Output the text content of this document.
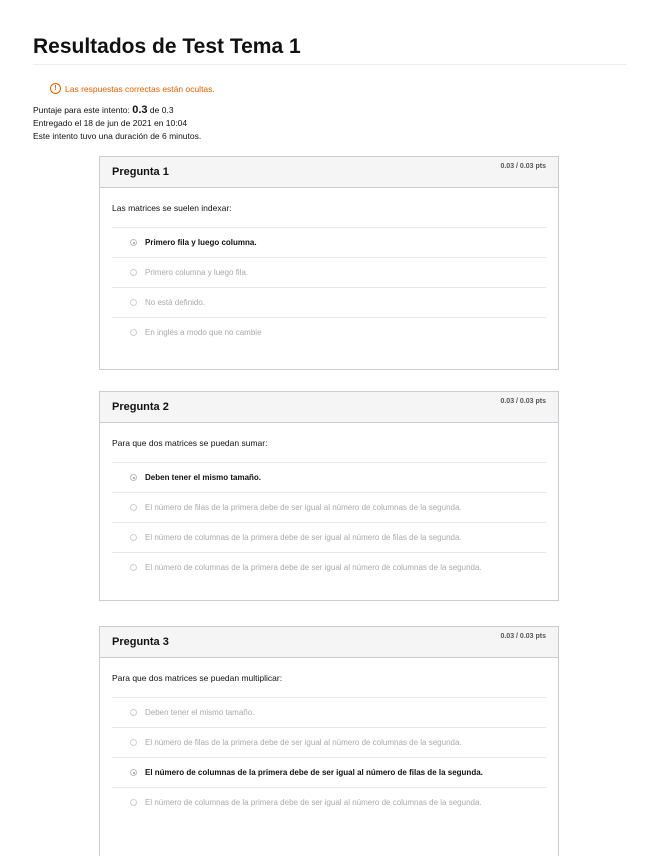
Resultados de Test Tema 1
! Las respuestas correctas están ocultas.
Puntaje para este intento: 0.3 de 0.3
Entregado el 18 de jun de 2021 en 10:04
Este intento tuvo una duración de 6 minutos.
Pregunta 1	0.03 / 0.03 pts
Las matrices se suelen indexar:
Primero fila y luego columna.
Primero columna y luego fila.
No está definido.
En inglés a modo que no cambie
Pregunta 2	0.03 / 0.03 pts
Para que dos matrices se puedan sumar:
Deben tener el mismo tamaño.
El número de filas de la primera debe de ser igual al número de columnas de la segunda.
El número de columnas de la primera debe de ser igual al número de filas de la segunda.
El número de columnas de la primera debe de ser igual al número de columnas de la segunda.
Pregunta 3	0.03 / 0.03 pts
Para que dos matrices se puedan multiplicar:
Deben tener el mismo tamaño.
El número de filas de la primera debe de ser igual al número de columnas de la segunda.
El número de columnas de la primera debe de ser igual al número de filas de la segunda.
El número de columnas de la primera debe de ser igual al número de columnas de la segunda.
